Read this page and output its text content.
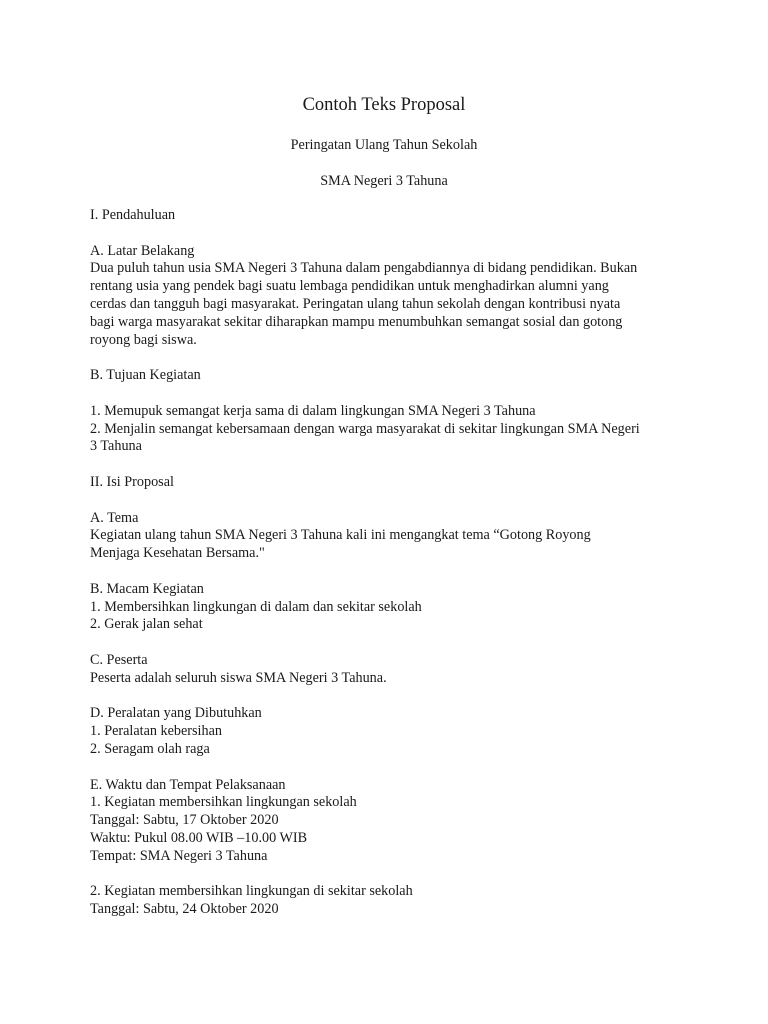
Contoh Teks Proposal
Peringatan Ulang Tahun Sekolah
SMA Negeri 3 Tahuna
I. Pendahuluan
A. Latar Belakang
Dua puluh tahun usia SMA Negeri 3 Tahuna dalam pengabdiannya di bidang pendidikan. Bukan
rentang usia yang pendek bagi suatu lembaga pendidikan untuk menghadirkan alumni yang
cerdas dan tangguh bagi masyarakat. Peringatan ulang tahun sekolah dengan kontribusi nyata
bagi warga masyarakat sekitar diharapkan mampu menumbuhkan semangat sosial dan gotong
royong bagi siswa.
B. Tujuan Kegiatan
1. Memupuk semangat kerja sama di dalam lingkungan SMA Negeri 3 Tahuna
2. Menjalin semangat kebersamaan dengan warga masyarakat di sekitar lingkungan SMA Negeri
3 Tahuna
II. Isi Proposal
A. Tema
Kegiatan ulang tahun SMA Negeri 3 Tahuna kali ini mengangkat tema “Gotong Royong
Menjaga Kesehatan Bersama."
B. Macam Kegiatan
1. Membersihkan lingkungan di dalam dan sekitar sekolah
2. Gerak jalan sehat
C. Peserta
Peserta adalah seluruh siswa SMA Negeri 3 Tahuna.
D. Peralatan yang Dibutuhkan
1. Peralatan kebersihan
2. Seragam olah raga
E. Waktu dan Tempat Pelaksanaan
1. Kegiatan membersihkan lingkungan sekolah
Tanggal: Sabtu, 17 Oktober 2020
Waktu: Pukul 08.00 WIB –10.00 WIB
Tempat: SMA Negeri 3 Tahuna
2. Kegiatan membersihkan lingkungan di sekitar sekolah
Tanggal: Sabtu, 24 Oktober 2020
